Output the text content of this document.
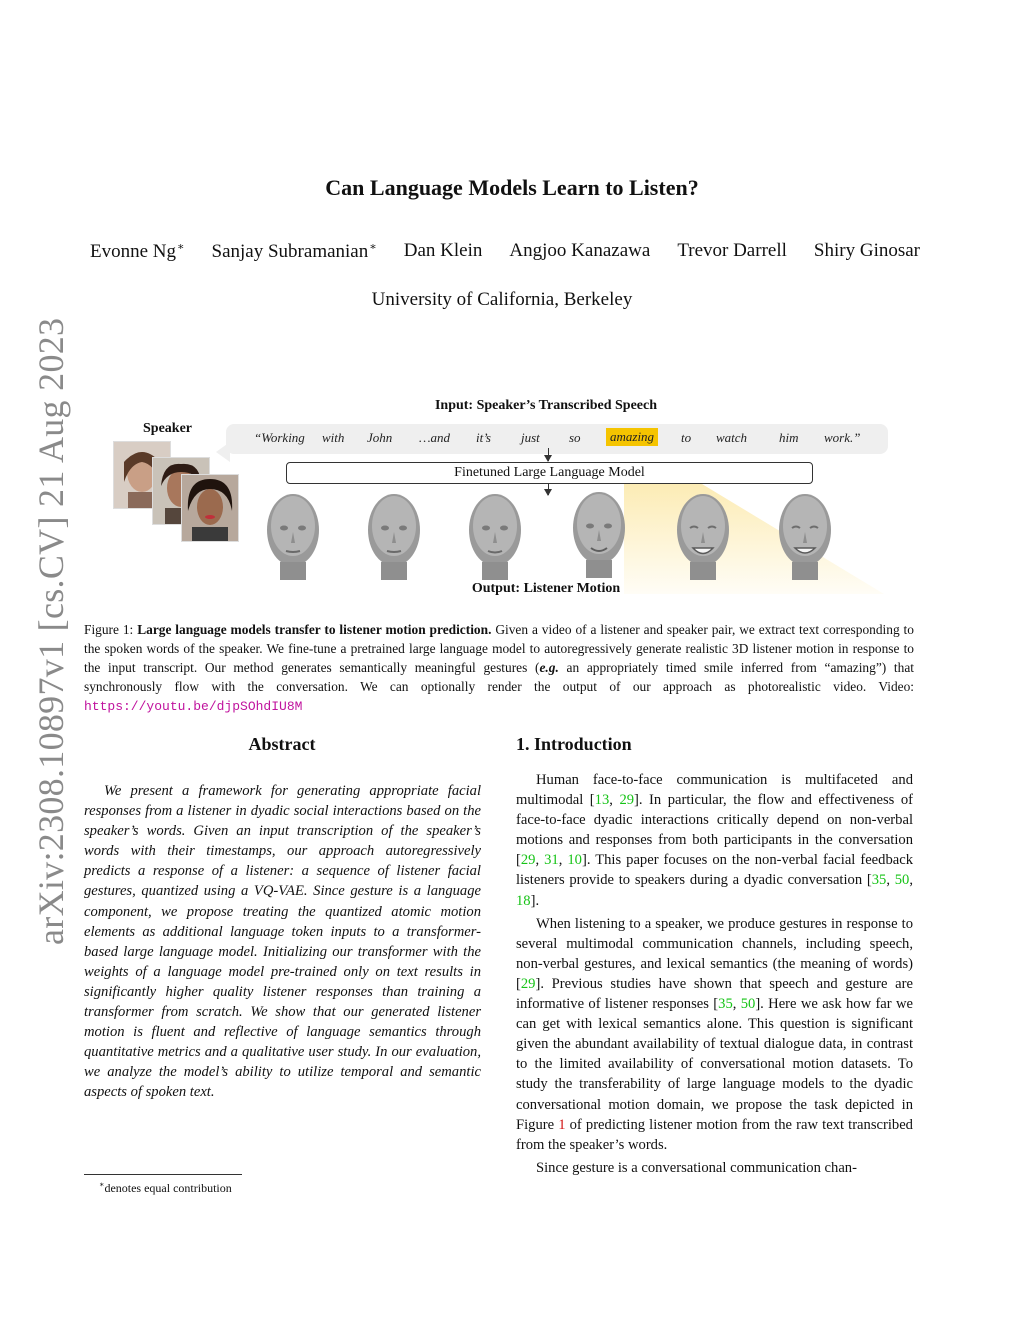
arXiv:2308.10897v1 [cs.CV] 21 Aug 2023
Can Language Models Learn to Listen?
Evonne Ng∗ Sanjay Subramanian∗ Dan Klein Angjoo Kanazawa Trevor Darrell Shiry Ginosar
University of California, Berkeley
Input: Speaker’s Transcribed Speech
Speaker
“Working with John …and it’s just so	amazing	to watch him work.”
Finetuned Large Language Model
Output: Listener Motion
Figure 1: Large language models transfer to listener motion prediction. Given a video of a listener and speaker pair, we extract text corresponding to the spoken words of the speaker. We fine-tune a pretrained large language model to autoregressively generate realistic 3D listener motion in response to the input transcript. Our method generates semantically meaningful gestures (e.g. an appropriately timed smile inferred from “amazing”) that synchronously flow with the conversation. We can optionally render the output of our approach as photorealistic video. Video: https://youtu.be/djpSOhdIU8M
Abstract
We present a framework for generating appropriate facial responses from a listener in dyadic social interactions based on the speaker’s words. Given an input transcription of the speaker’s words with their timestamps, our approach autoregressively predicts a response of a listener: a sequence of listener facial gestures, quantized using a VQ-VAE. Since gesture is a language component, we propose treating the quantized atomic motion elements as additional language token inputs to a transformer-based large language model. Initializing our transformer with the weights of a language model pre-trained only on text results in significantly higher quality listener responses than training a transformer from scratch. We show that our generated listener motion is fluent and reflective of language semantics through quantitative metrics and a qualitative user study. In our evaluation, we analyze the model’s ability to utilize temporal and semantic aspects of spoken text.
1. Introduction

Human face-to-face communication is multifaceted and multimodal [13, 29]. In particular, the flow and effectiveness of face-to-face dyadic interactions critically depend on non-verbal motions and responses from both participants in the conversation [29, 31, 10]. This paper focuses on the non-verbal facial feedback listeners provide to speakers during a dyadic conversation [35, 50, 18].

When listening to a speaker, we produce gestures in response to several multimodal communication channels, including speech, non-verbal gestures, and lexical semantics (the meaning of words) [29]. Previous studies have shown that speech and gesture are informative of listener responses [35, 50]. Here we ask how far we can get with lexical semantics alone. This question is significant given the abundant availability of textual dialogue data, in contrast to the limited availability of conversational motion datasets. To study the transferability of large language models to the dyadic conversational motion domain, we propose the task depicted in Figure 1 of predicting listener motion from the raw text transcribed from the speaker’s words.

Since gesture is a conversational communication chan-

∗denotes equal contribution
